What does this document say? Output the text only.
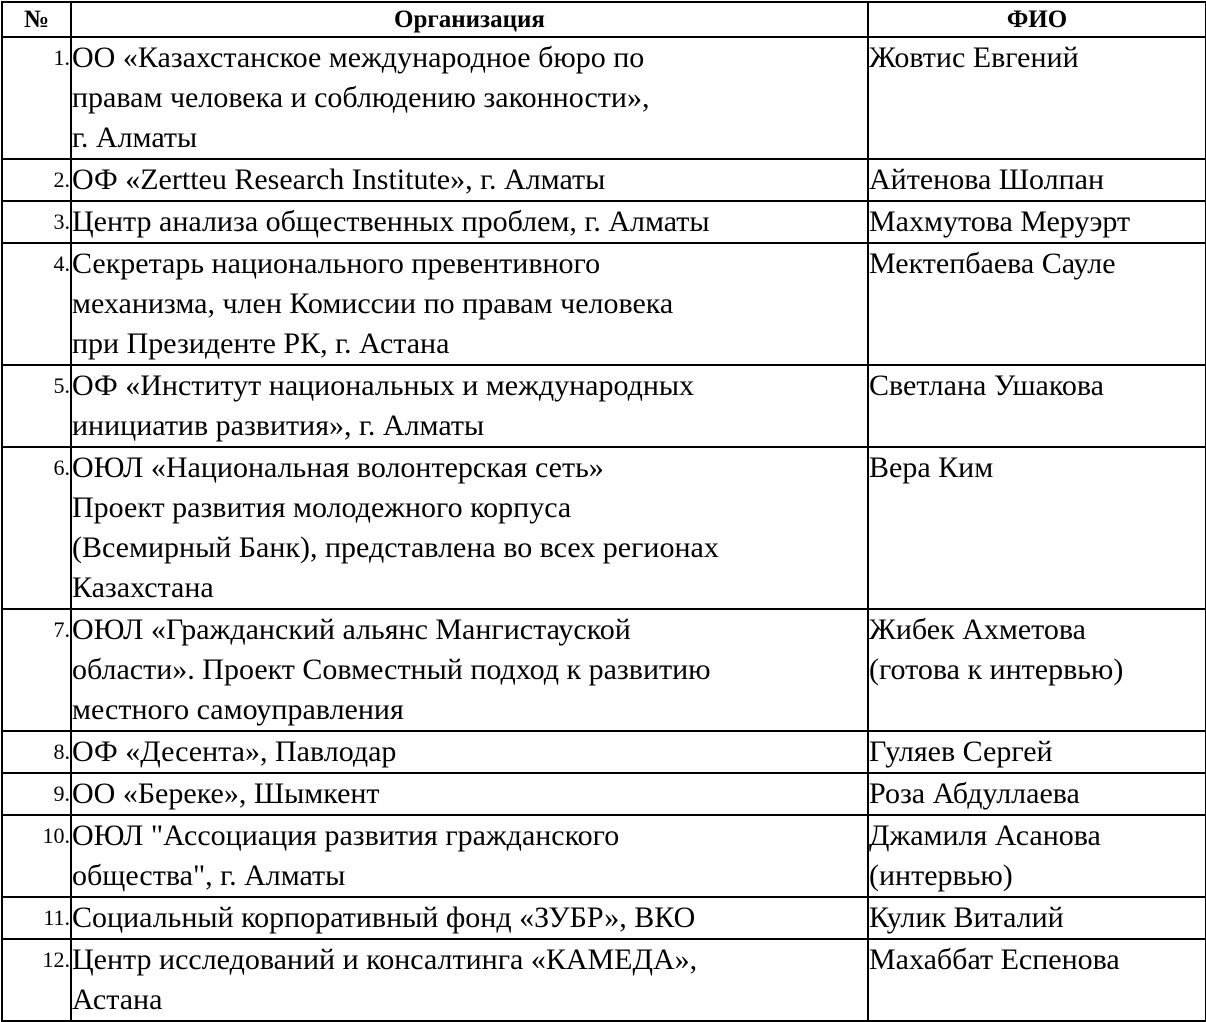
№	Организация	ФИО
1.	ОО «Казахстанское международное бюро по
правам человека и соблюдению законности»,
г. Алматы	Жовтис Евгений

2.	ОФ «Zertteu Research Institute», г. Алматы	Айтенова Шолпан

3.	Центр анализа общественных проблем, г. Алматы	Махмутова Меруэрт

4.	Секретарь национального превентивного
механизма, член Комиссии по правам человека
при Президенте РК, г. Астана	Мектепбаева Сауле

5.	ОФ «Институт национальных и международных
инициатив развития», г. Алматы	Светлана Ушакова

6.	ОЮЛ «Национальная волонтерская сеть»
Проект развития молодежного корпуса
(Всемирный Банк), представлена во всех регионах
Казахстана	Вера Ким

7.	ОЮЛ «Гражданский альянс Мангистауской
области». Проект Совместный подход к развитию
местного самоуправления	Жибек Ахметова
(готова к интервью)

8.	ОФ «Десента», Павлодар	Гуляев Сергей

9.	ОО «Береке», Шымкент	Роза Абдуллаева

10.	ОЮЛ "Ассоциация развития гражданского
общества", г. Алматы	Джамиля Асанова
(интервью)

11.	Социальный корпоративный фонд «ЗУБР», ВКО	Кулик Виталий

12.	Центр исследований и консалтинга «КАМЕДА»,
Астана	Махаббат Еспенова
